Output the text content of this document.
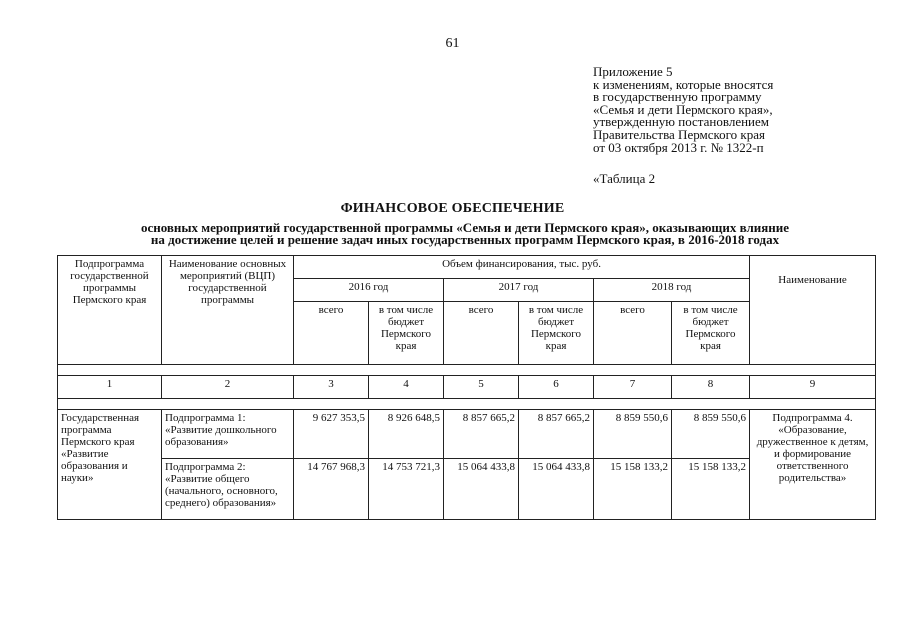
61
Приложение 5
к изменениям, которые вносятся
в государственную программу
«Семья и дети Пермского края»,
утвержденную постановлением
Правительства Пермского края
от 03 октября 2013 г. № 1322-п
«Таблица 2
ФИНАНСОВОЕ ОБЕСПЕЧЕНИЕ
основных мероприятий государственной программы «Семья и дети Пермского края», оказывающих влияние
на достижение целей и решение задач иных государственных программ Пермского края, в 2016-2018 годах
Подпрограмма государственной программы Пермского края	Наименование основных мероприятий (ВЦП) государственной программы	Объем финансирования, тыс. руб.						Наименование
		2016 год		2017 год		2018 год		
		всего	в том числе бюджет Пермского края	всего	в том числе бюджет Пермского края	всего	в том числе бюджет Пермского края	

1	2	3	4	5	6	7	8	9

Государственная программа Пермского края «Развитие образования и науки»	Подпрограмма 1: «Развитие дошкольного образования»	9 627 353,5	8 926 648,5	8 857 665,2	8 857 665,2	8 859 550,6	8 859 550,6	Подпрограмма 4. «Образование, дружественное к детям, и формирование ответственного родительства»
	Подпрограмма 2: «Развитие общего (начального, основного, среднего) образования»	14 767 968,3	14 753 721,3	15 064 433,8	15 064 433,8	15 158 133,2	15 158 133,2	
